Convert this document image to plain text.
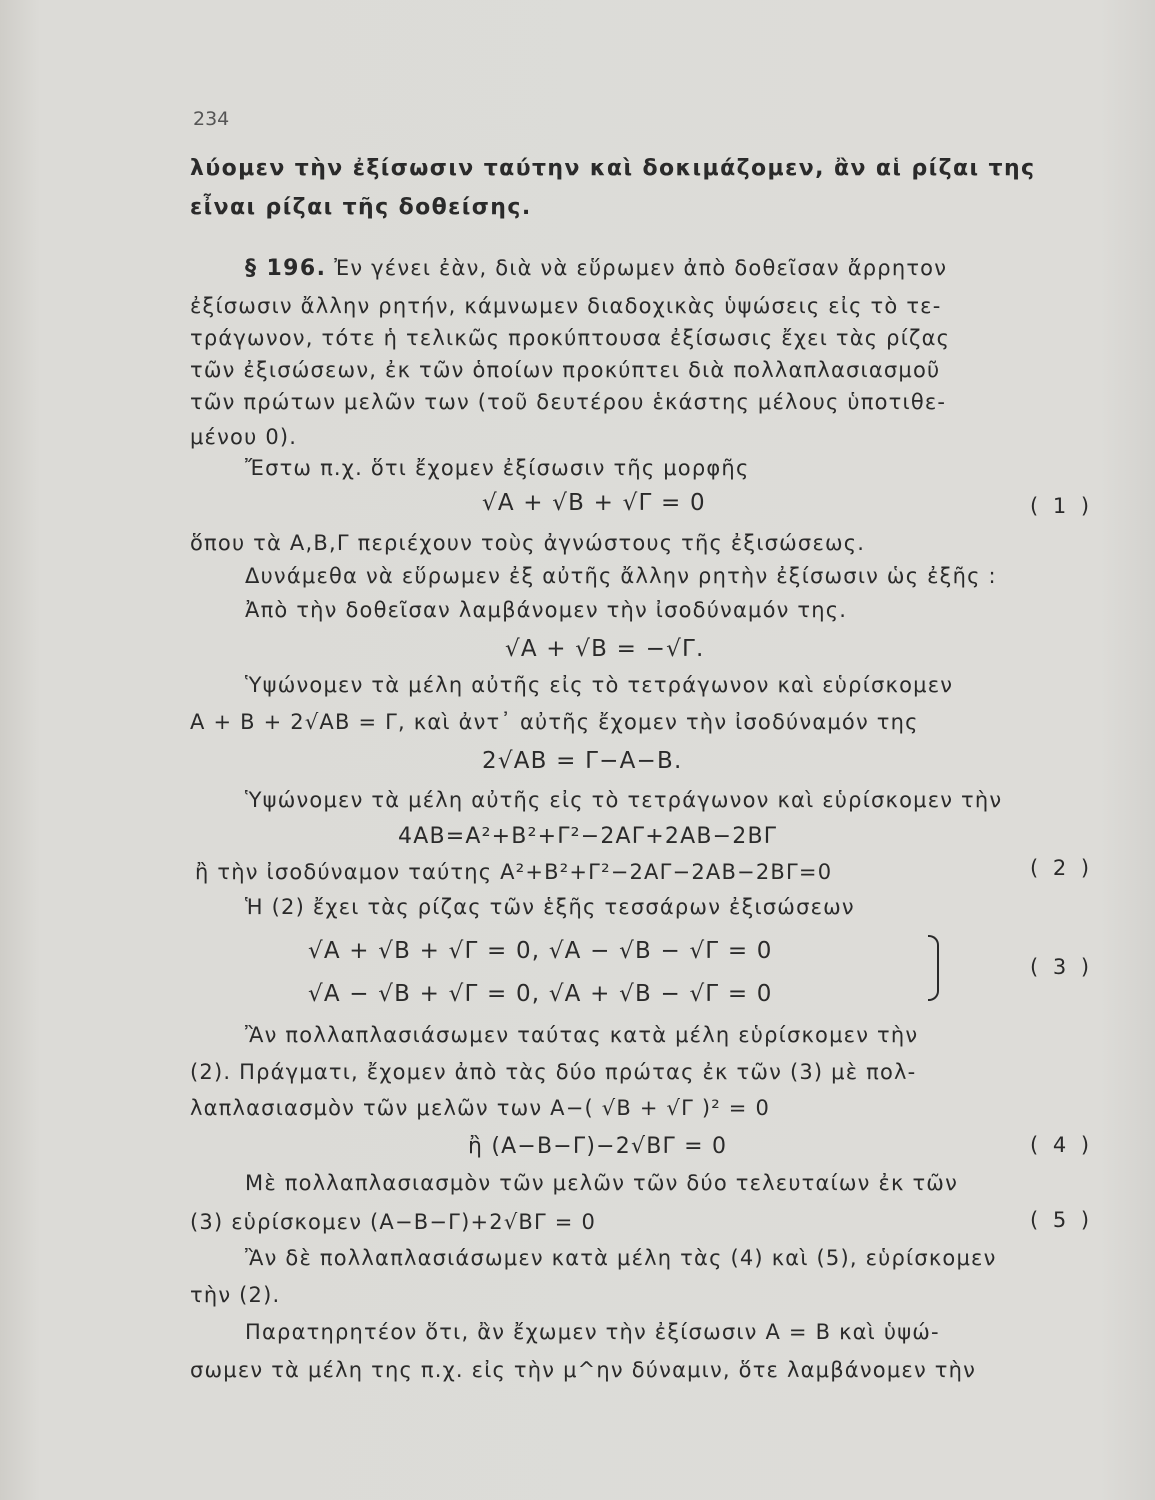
234
λύομεν τὴν ἐξίσωσιν ταύτην καὶ δοκιμάζομεν, ἂν αἱ ρίζαι της
εἶναι ρίζαι τῆς δοθείσης.
§ 196. Ἐν γένει ἐὰν, διὰ νὰ εὕρωμεν ἀπὸ δοθεῖσαν ἄρρητον
ἐξίσωσιν ἄλλην ρητήν, κάμνωμεν διαδοχικὰς ὑψώσεις εἰς τὸ τε-
τράγωνον, τότε ἡ τελικῶς προκύπτουσα ἐξίσωσις ἔχει τὰς ρίζας
τῶν ἐξισώσεων, ἐκ τῶν ὁποίων προκύπτει διὰ πολλαπλασιασμοῦ
τῶν πρώτων μελῶν των (τοῦ δευτέρου ἑκάστης μέλους ὑποτιθε-
μένου 0).
Ἔστω π.χ. ὅτι ἔχομεν ἐξίσωσιν τῆς μορφῆς
√A + √B + √Γ = 0	( 1 )
ὅπου τὰ A,B,Γ περιέχουν τοὺς ἀγνώστους τῆς ἐξισώσεως.
Δυνάμεθα νὰ εὕρωμεν ἐξ αὐτῆς ἄλλην ρητὴν ἐξίσωσιν ὡς ἐξῆς :
Ἀπὸ τὴν δοθεῖσαν λαμβάνομεν τὴν ἰσοδύναμόν της.
√A + √B = −√Γ.
Ὑψώνομεν τὰ μέλη αὐτῆς εἰς τὸ τετράγωνον καὶ εὑρίσκομεν
A + B + 2√AB = Γ, καὶ ἀντ᾽ αὐτῆς ἔχομεν τὴν ἰσοδύναμόν της
2√AB = Γ−A−B.
Ὑψώνομεν τὰ μέλη αὐτῆς εἰς τὸ τετράγωνον καὶ εὑρίσκομεν τὴν
4AB=A²+B²+Γ²−2AΓ+2AB−2BΓ
ἢ τὴν ἰσοδύναμον ταύτης A²+B²+Γ²−2AΓ−2AB−2BΓ=0	( 2 )
Ἡ (2) ἔχει τὰς ρίζας τῶν ἑξῆς τεσσάρων ἐξισώσεων
√A + √B + √Γ = 0, √A − √B − √Γ = 0
√A − √B + √Γ = 0, √A + √B − √Γ = 0
( 3 )
Ἂν πολλαπλασιάσωμεν ταύτας κατὰ μέλη εὑρίσκομεν τὴν
(2). Πράγματι, ἔχομεν ἀπὸ τὰς δύο πρώτας ἐκ τῶν (3) μὲ πολ-
λαπλασιασμὸν τῶν μελῶν των A−( √B + √Γ )² = 0
ἢ (A−B−Γ)−2√BΓ = 0	( 4 )
Μὲ πολλαπλασιασμὸν τῶν μελῶν τῶν δύο τελευταίων ἐκ τῶν
(3) εὑρίσκομεν (A−B−Γ)+2√BΓ = 0	( 5 )
Ἂν δὲ πολλαπλασιάσωμεν κατὰ μέλη τὰς (4) καὶ (5), εὑρίσκομεν
τὴν (2).
Παρατηρητέον ὅτι, ἂν ἔχωμεν τὴν ἐξίσωσιν A = B καὶ ὑψώ-
σωμεν τὰ μέλη της π.χ. εἰς τὴν μ^ην δύναμιν, ὅτε λαμβάνομεν τὴν
